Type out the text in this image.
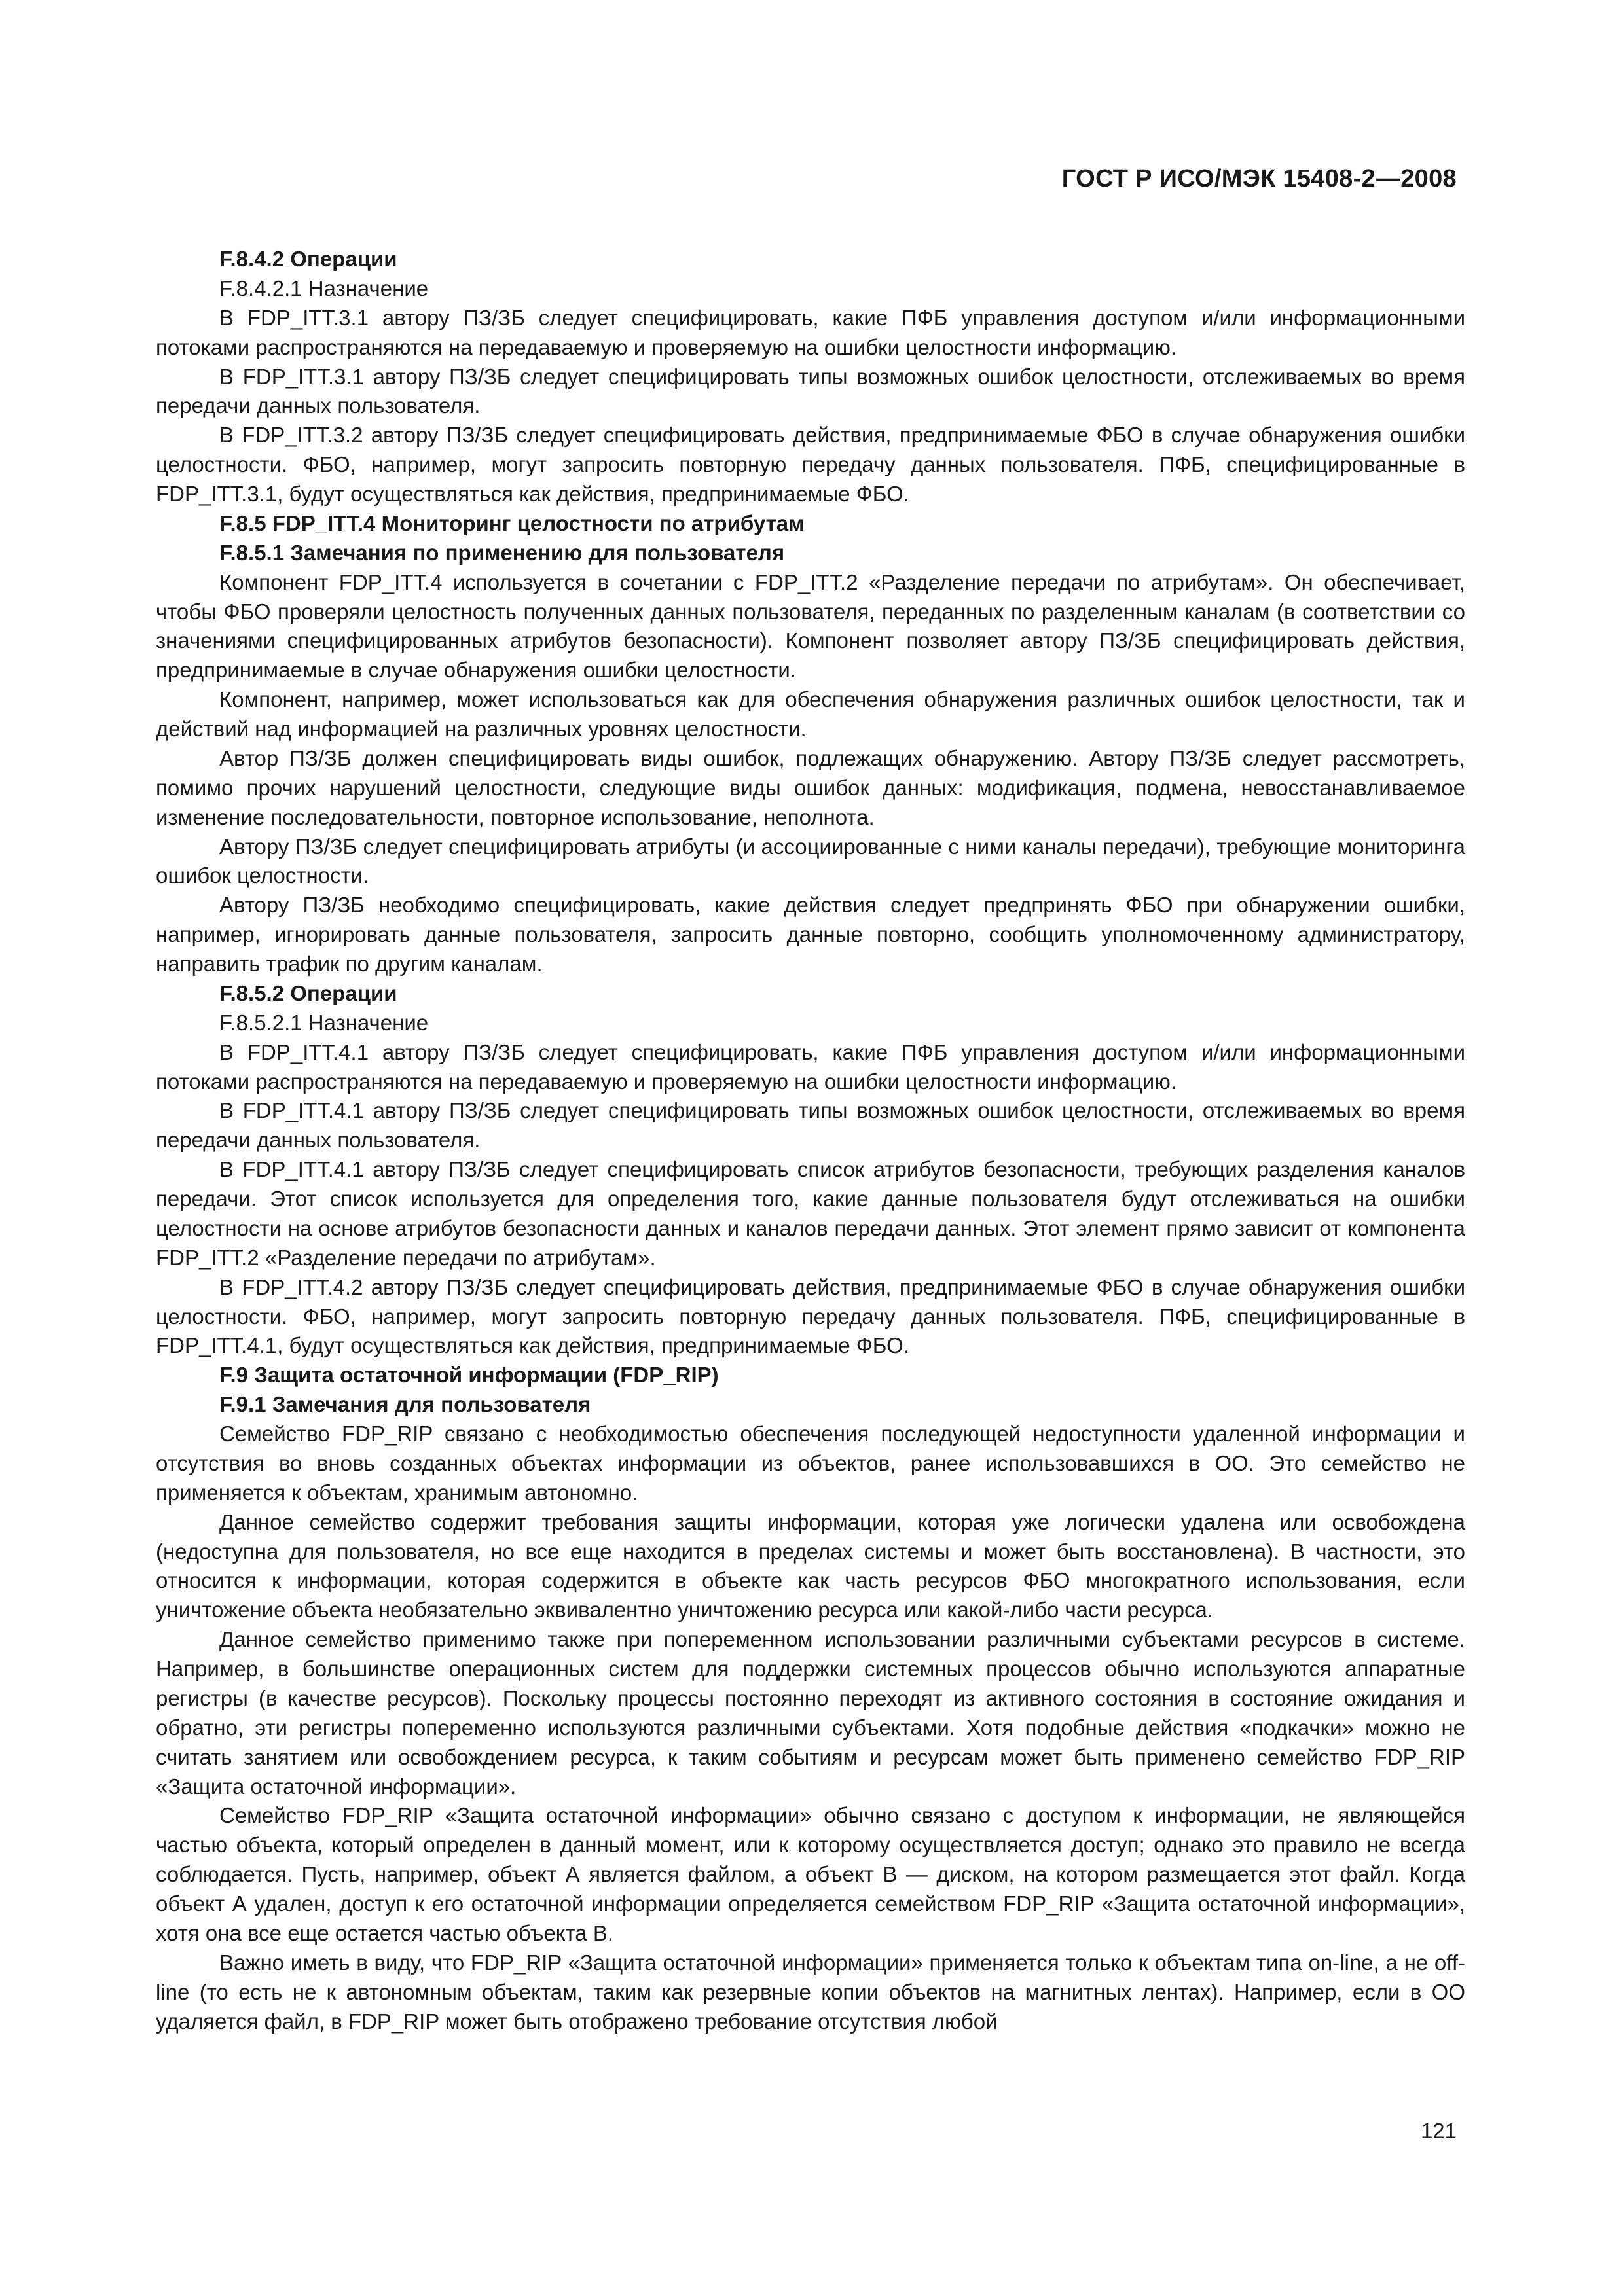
ГОСТ Р ИСО/МЭК 15408-2—2008

F.8.4.2 Операции

F.8.4.2.1 Назначение

В FDP_ITT.3.1 автору ПЗ/ЗБ следует специфицировать, какие ПФБ управления доступом и/или информационными потоками распространяются на передаваемую и проверяемую на ошибки целостности информацию.

В FDP_ITT.3.1 автору ПЗ/ЗБ следует специфицировать типы возможных ошибок целостности, отслеживаемых во время передачи данных пользователя.

В FDP_ITT.3.2 автору ПЗ/ЗБ следует специфицировать действия, предпринимаемые ФБО в случае обнаружения ошибки целостности. ФБО, например, могут запросить повторную передачу данных пользователя. ПФБ, специфицированные в FDP_ITT.3.1, будут осуществляться как действия, предпринимаемые ФБО.

F.8.5 FDP_ITT.4 Мониторинг целостности по атрибутам

F.8.5.1 Замечания по применению для пользователя

Компонент FDP_ITT.4 используется в сочетании с FDP_ITT.2 «Разделение передачи по атрибутам». Он обеспечивает, чтобы ФБО проверяли целостность полученных данных пользователя, переданных по разделенным каналам (в соответствии со значениями специфицированных атрибутов безопасности). Компонент позволяет автору ПЗ/ЗБ специфицировать действия, предпринимаемые в случае обнаружения ошибки целостности.

Компонент, например, может использоваться как для обеспечения обнаружения различных ошибок целостности, так и действий над информацией на различных уровнях целостности.

Автор ПЗ/ЗБ должен специфицировать виды ошибок, подлежащих обнаружению. Автору ПЗ/ЗБ следует рассмотреть, помимо прочих нарушений целостности, следующие виды ошибок данных: модификация, подмена, невосстанавливаемое изменение последовательности, повторное использование, неполнота.

Автору ПЗ/ЗБ следует специфицировать атрибуты (и ассоциированные с ними каналы передачи), требующие мониторинга ошибок целостности.

Автору ПЗ/ЗБ необходимо специфицировать, какие действия следует предпринять ФБО при обнаружении ошибки, например, игнорировать данные пользователя, запросить данные повторно, сообщить уполномоченному администратору, направить трафик по другим каналам.

F.8.5.2 Операции

F.8.5.2.1 Назначение

В FDP_ITT.4.1 автору ПЗ/ЗБ следует специфицировать, какие ПФБ управления доступом и/или информационными потоками распространяются на передаваемую и проверяемую на ошибки целостности информацию.

В FDP_ITT.4.1 автору ПЗ/ЗБ следует специфицировать типы возможных ошибок целостности, отслеживаемых во время передачи данных пользователя.

В FDP_ITT.4.1 автору ПЗ/ЗБ следует специфицировать список атрибутов безопасности, требующих разделения каналов передачи. Этот список используется для определения того, какие данные пользователя будут отслеживаться на ошибки целостности на основе атрибутов безопасности данных и каналов передачи данных. Этот элемент прямо зависит от компонента FDP_ITT.2 «Разделение передачи по атрибутам».

В FDP_ITT.4.2 автору ПЗ/ЗБ следует специфицировать действия, предпринимаемые ФБО в случае обнаружения ошибки целостности. ФБО, например, могут запросить повторную передачу данных пользователя. ПФБ, специфицированные в FDP_ITT.4.1, будут осуществляться как действия, предпринимаемые ФБО.

F.9 Защита остаточной информации (FDP_RIP)

F.9.1 Замечания для пользователя

Семейство FDP_RIP связано с необходимостью обеспечения последующей недоступности удаленной информации и отсутствия во вновь созданных объектах информации из объектов, ранее использовавшихся в ОО. Это семейство не применяется к объектам, хранимым автономно.

Данное семейство содержит требования защиты информации, которая уже логически удалена или освобождена (недоступна для пользователя, но все еще находится в пределах системы и может быть восстановлена). В частности, это относится к информации, которая содержится в объекте как часть ресурсов ФБО многократного использования, если уничтожение объекта необязательно эквивалентно уничтожению ресурса или какой-либо части ресурса.

Данное семейство применимо также при попеременном использовании различными субъектами ресурсов в системе. Например, в большинстве операционных систем для поддержки системных процессов обычно используются аппаратные регистры (в качестве ресурсов). Поскольку процессы постоянно переходят из активного состояния в состояние ожидания и обратно, эти регистры попеременно используются различными субъектами. Хотя подобные действия «подкачки» можно не считать занятием или освобождением ресурса, к таким событиям и ресурсам может быть применено семейство FDP_RIP «Защита остаточной информации».

Семейство FDP_RIP «Защита остаточной информации» обычно связано с доступом к информации, не являющейся частью объекта, который определен в данный момент, или к которому осуществляется доступ; однако это правило не всегда соблюдается. Пусть, например, объект А является файлом, а объект В — диском, на котором размещается этот файл. Когда объект А удален, доступ к его остаточной информации определяется семейством FDP_RIP «Защита остаточной информации», хотя она все еще остается частью объекта В.

Важно иметь в виду, что FDP_RIP «Защита остаточной информации» применяется только к объектам типа on-line, а не off-line (то есть не к автономным объектам, таким как резервные копии объектов на магнитных лентах). Например, если в ОО удаляется файл, в FDP_RIP может быть отображено требование отсутствия любой

121
